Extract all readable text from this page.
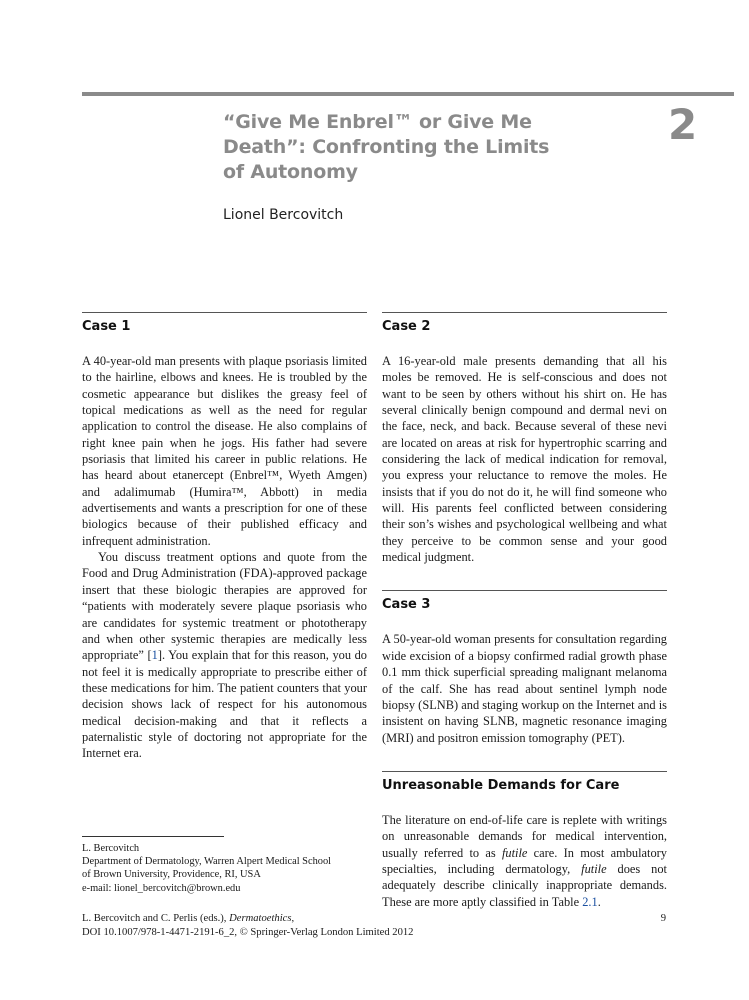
“Give Me Enbrel™ or Give Me Death”: Confronting the Limits of Autonomy
2
Lionel Bercovitch
Case 1

A 40-year-old man presents with plaque psoriasis limited to the hairline, elbows and knees. He is troubled by the cosmetic appearance but dislikes the greasy feel of topical medications as well as the need for regular application to control the disease. He also complains of right knee pain when he jogs. His father had severe psoriasis that limited his career in public relations. He has heard about etanercept (Enbrel™, Wyeth Amgen) and adalimumab (Humira™, Abbott) in media advertisements and wants a prescription for one of these biologics because of their published efficacy and infrequent administration.

You discuss treatment options and quote from the Food and Drug Administration (FDA)-approved package insert that these biologic therapies are approved for “patients with moderately severe plaque psoriasis who are candidates for systemic treatment or phototherapy and when other systemic therapies are medically less appropriate” [1]. You explain that for this reason, you do not feel it is medically appropriate to prescribe either of these medications for him. The patient counters that your decision shows lack of respect for his autonomous medical decision-making and that it reflects a paternalistic style of doctoring not appropriate for the Internet era.

Case 2

A 16-year-old male presents demanding that all his moles be removed. He is self-conscious and does not want to be seen by others without his shirt on. He has several clinically benign compound and dermal nevi on the face, neck, and back. Because several of these nevi are located on areas at risk for hypertrophic scarring and considering the lack of medical indication for removal, you express your reluctance to remove the moles. He insists that if you do not do it, he will find someone who will. His parents feel conflicted between considering their son’s wishes and psychological wellbeing and what they perceive to be common sense and your good medical judgment.

Case 3

A 50-year-old woman presents for consultation regarding wide excision of a biopsy confirmed radial growth phase 0.1 mm thick superficial spreading malignant melanoma of the calf. She has read about sentinel lymph node biopsy (SLNB) and staging workup on the Internet and is insistent on having SLNB, magnetic resonance imaging (MRI) and positron emission tomography (PET).

Unreasonable Demands for Care

The literature on end-of-life care is replete with writings on unreasonable demands for medical intervention, usually referred to as futile care. In most ambulatory specialties, including dermatology, futile does not adequately describe clinically inappropriate demands. These are more aptly classified in Table 2.1.

L. Bercovitch
Department of Dermatology, Warren Alpert Medical School
of Brown University, Providence, RI, USA
e-mail: lionel_bercovitch@brown.edu
L. Bercovitch and C. Perlis (eds.), Dermatoethics,
DOI 10.1007/978-1-4471-2191-6_2, © Springer-Verlag London Limited 2012
9
